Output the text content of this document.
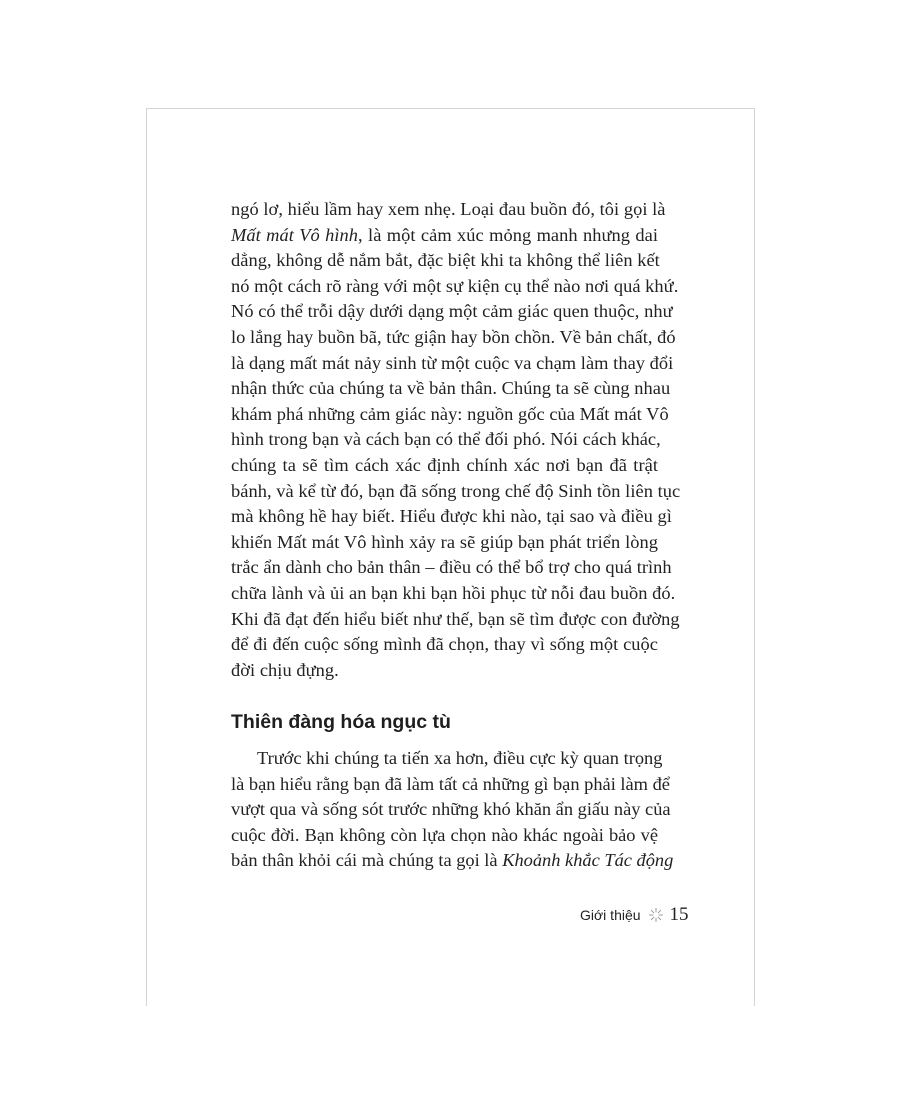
ngó lơ, hiểu lầm hay xem nhẹ. Loại đau buồn đó, tôi gọi là
Mất mát Vô hình, là một cảm xúc mỏng manh nhưng dai
dẳng, không dễ nắm bắt, đặc biệt khi ta không thể liên kết
nó một cách rõ ràng với một sự kiện cụ thể nào nơi quá khứ.
Nó có thể trỗi dậy dưới dạng một cảm giác quen thuộc, như
lo lắng hay buồn bã, tức giận hay bồn chồn. Về bản chất, đó
là dạng mất mát nảy sinh từ một cuộc va chạm làm thay đổi
nhận thức của chúng ta về bản thân. Chúng ta sẽ cùng nhau
khám phá những cảm giác này: nguồn gốc của Mất mát Vô
hình trong bạn và cách bạn có thể đối phó. Nói cách khác,
chúng ta sẽ tìm cách xác định chính xác nơi bạn đã trật
bánh, và kể từ đó, bạn đã sống trong chế độ Sinh tồn liên tục
mà không hề hay biết. Hiểu được khi nào, tại sao và điều gì
khiến Mất mát Vô hình xảy ra sẽ giúp bạn phát triển lòng
trắc ẩn dành cho bản thân – điều có thể bổ trợ cho quá trình
chữa lành và ủi an bạn khi bạn hồi phục từ nỗi đau buồn đó.
Khi đã đạt đến hiểu biết như thế, bạn sẽ tìm được con đường
để đi đến cuộc sống mình đã chọn, thay vì sống một cuộc
đời chịu đựng.
Thiên đàng hóa ngục tù
Trước khi chúng ta tiến xa hơn, điều cực kỳ quan trọng
là bạn hiểu rằng bạn đã làm tất cả những gì bạn phải làm để
vượt qua và sống sót trước những khó khăn ẩn giấu này của
cuộc đời. Bạn không còn lựa chọn nào khác ngoài bảo vệ
bản thân khỏi cái mà chúng ta gọi là Khoảnh khắc Tác động
Giới thiệu 15
